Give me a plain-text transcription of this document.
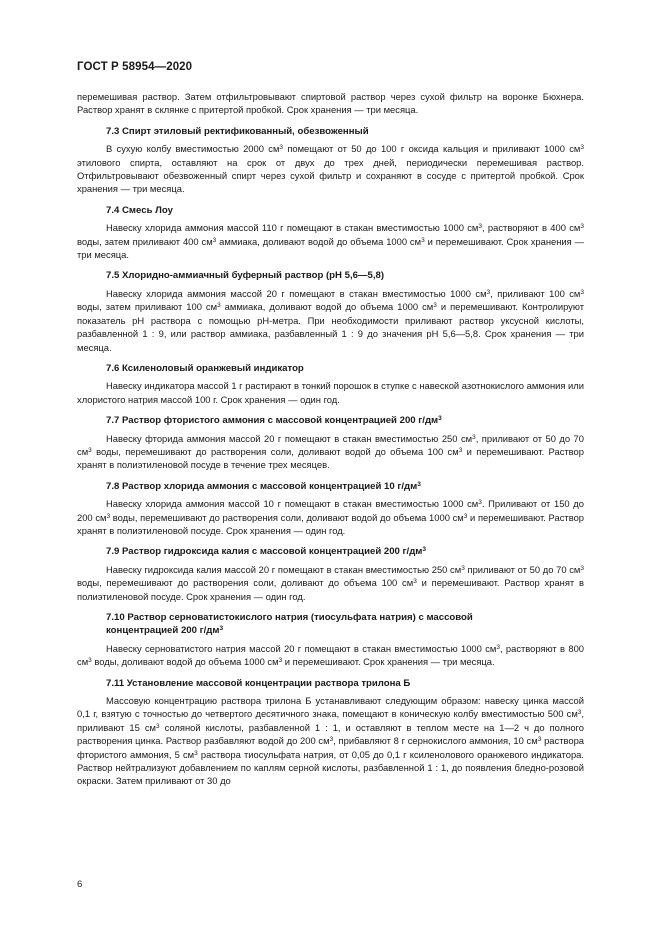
ГОСТ Р 58954—2020

перемешивая раствор. Затем отфильтровывают спиртовой раствор через сухой фильтр на воронке Бюхнера. Раствор хранят в склянке с притертой пробкой. Срок хранения — три месяца.

7.3 Спирт этиловый ректификованный, обезвоженный

В сухую колбу вместимостью 2000 $см^3$ помещают от 50 до 100 г оксида кальция и приливают 1000 $см^3$ этилового спирта, оставляют на срок от двух до трех дней, периодически перемешивая раствор. Отфильтровывают обезвоженный спирт через сухой фильтр и сохраняют в сосуде с притертой пробкой. Срок хранения — три месяца.

7.4 Смесь Лоу

Навеску хлорида аммония массой 110 г помещают в стакан вместимостью 1000 $см^3$, растворяют в 400 $см^3$ воды, затем приливают 400 $см^3$ аммиака, доливают водой до объема 1000 $см^3$ и перемешивают. Срок хранения — три месяца.

7.5 Хлоридно-аммиачный буферный раствор (рН 5,6—5,8)

Навеску хлорида аммония массой 20 г помещают в стакан вместимостью 1000 $см^3$, приливают 100 $см^3$ воды, затем приливают 100 $см^3$ аммиака, доливают водой до объема 1000 $см^3$ и перемешивают. Контролируют показатель рН раствора с помощью рН-метра. При необходимости приливают раствор уксусной кислоты, разбавленной 1 : 9, или раствор аммиака, разбавленный 1 : 9 до значения рН 5,6—5,8. Срок хранения — три месяца.

7.6 Ксиленоловый оранжевый индикатор

Навеску индикатора массой 1 г растирают в тонкий порошок в ступке с навеской азотнокислого аммония или хлористого натрия массой 100 г. Срок хранения — один год.

7.7 Раствор фтористого аммония с массовой концентрацией 200 $г/дм^3$

Навеску фторида аммония массой 20 г помещают в стакан вместимостью 250 $см^3$, приливают от 50 до 70 $см^3$ воды, перемешивают до растворения соли, доливают водой до объема 100 $см^3$ и перемешивают. Раствор хранят в полиэтиленовой посуде в течение трех месяцев.

7.8 Раствор хлорида аммония с массовой концентрацией 10 $г/дм^3$

Навеску хлорида аммония массой 10 г помещают в стакан вместимостью 1000 $см^3$. Приливают от 150 до 200 $см^3$ воды, перемешивают до растворения соли, доливают водой до объема 1000 $см^3$ и перемешивают. Раствор хранят в полиэтиленовой посуде. Срок хранения — один год.

7.9 Раствор гидроксида калия с массовой концентрацией 200 $г/дм^3$

Навеску гидроксида калия массой 20 г помещают в стакан вместимостью 250 $см^3$ приливают от 50 до 70 $см^3$ воды, перемешивают до растворения соли, доливают до объема 100 $см^3$ и перемешивают. Раствор хранят в полиэтиленовой посуде. Срок хранения — один год.

7.10 Раствор серноватистокислого натрия (тиосульфата натрия) с массовой
концентрацией 200 $г/дм^3$

Навеску серноватистого натрия массой 20 г помещают в стакан вместимостью 1000 $см^3$, растворяют в 800 $см^3$ воды, доливают водой до объема 1000 $см^3$ и перемешивают. Срок хранения — три месяца.

7.11 Установление массовой концентрации раствора трилона Б

Массовую концентрацию раствора трилона Б устанавливают следующим образом: навеску цинка массой 0,1 г, взятую с точностью до четвертого десятичного знака, помещают в коническую колбу вместимостью 500 $см^3$, приливают 15 $см^3$ соляной кислоты, разбавленной 1 : 1, и оставляют в теплом месте на 1—2 ч до полного растворения цинка. Раствор разбавляют водой до 200 $см^3$, прибавляют 8 г сернокислого аммония, 10 $см^3$ раствора фтористого аммония, 5 $см^3$ раствора тиосульфата натрия, от 0,05 до 0,1 г ксиленолового оранжевого индикатора. Раствор нейтрализуют добавлением по каплям серной кислоты, разбавленной 1 : 1, до появления бледно-розовой окраски. Затем приливают от 30 до

6
